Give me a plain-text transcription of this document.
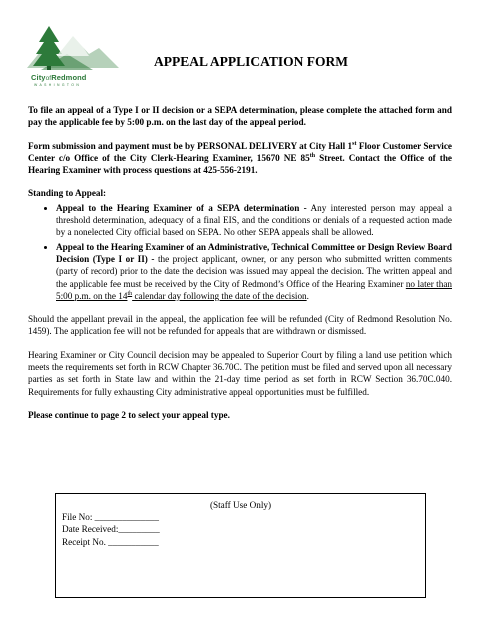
CityofRedmond
WASHINGTON
APPEAL APPLICATION FORM

To file an appeal of a Type I or II decision or a SEPA determination, please complete the attached form and pay the applicable fee by 5:00 p.m. on the last day of the appeal period.

Form submission and payment must be by PERSONAL DELIVERY at City Hall 1st Floor Customer Service Center c/o Office of the City Clerk-Hearing Examiner, 15670 NE 85th Street. Contact the Office of the Hearing Examiner with process questions at 425-556-2191.

Standing to Appeal:

• Appeal to the Hearing Examiner of a SEPA determination - Any interested person may appeal a threshold determination, adequacy of a final EIS, and the conditions or denials of a requested action made by a nonelected City official based on SEPA. No other SEPA appeals shall be allowed.
• Appeal to the Hearing Examiner of an Administrative, Technical Committee or Design Review Board Decision (Type I or II) - the project applicant, owner, or any person who submitted written comments (party of record) prior to the date the decision was issued may appeal the decision. The written appeal and the applicable fee must be received by the City of Redmond’s Office of the Hearing Examiner no later than 5:00 p.m. on the 14th calendar day following the date of the decision.

Should the appellant prevail in the appeal, the application fee will be refunded (City of Redmond Resolution No. 1459). The application fee will not be refunded for appeals that are withdrawn or dismissed.

Hearing Examiner or City Council decision may be appealed to Superior Court by filing a land use petition which meets the requirements set forth in RCW Chapter 36.70C. The petition must be filed and served upon all necessary parties as set forth in State law and within the 21-day time period as set forth in RCW Section 36.70C.040. Requirements for fully exhausting City administrative appeal opportunities must be fulfilled.

Please continue to page 2 to select your appeal type.

(Staff Use Only)
File No: ______________
Date Received:_________
Receipt No. ___________
